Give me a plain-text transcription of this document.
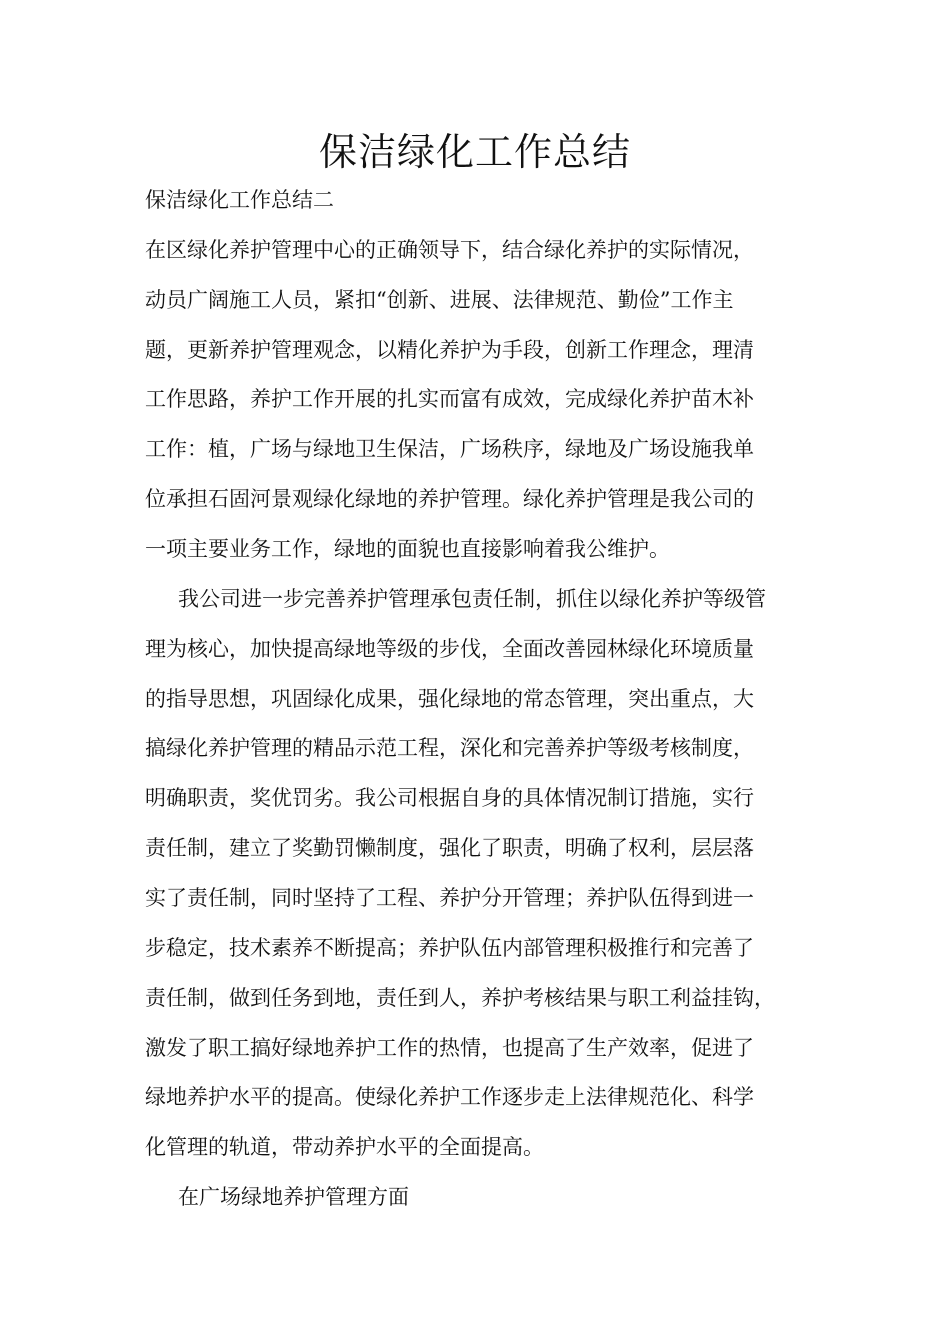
保洁绿化工作总结

保洁绿化工作总结二

在区绿化养护管理中心的正确领导下，结合绿化养护的实际情况，

动员广阔施工人员，紧扣“创新、进展、法律规范、勤俭”工作主

题，更新养护管理观念，以精化养护为手段，创新工作理念，理清

工作思路，养护工作开展的扎实而富有成效，完成绿化养护苗木补

工作：植，广场与绿地卫生保洁，广场秩序，绿地及广场设施我单

位承担石固河景观绿化绿地的养护管理。绿化养护管理是我公司的

一项主要业务工作，绿地的面貌也直接影响着我公维护。

我公司进一步完善养护管理承包责任制，抓住以绿化养护等级管

理为核心，加快提高绿地等级的步伐，全面改善园林绿化环境质量

的指导思想，巩固绿化成果，强化绿地的常态管理，突出重点，大

搞绿化养护管理的精品示范工程，深化和完善养护等级考核制度，

明确职责，奖优罚劣。我公司根据自身的具体情况制订措施，实行

责任制，建立了奖勤罚懒制度，强化了职责，明确了权利，层层落

实了责任制，同时坚持了工程、养护分开管理；养护队伍得到进一

步稳定，技术素养不断提高；养护队伍内部管理积极推行和完善了

责任制，做到任务到地，责任到人，养护考核结果与职工利益挂钩，

激发了职工搞好绿地养护工作的热情，也提高了生产效率，促进了

绿地养护水平的提高。使绿化养护工作逐步走上法律规范化、科学

化管理的轨道，带动养护水平的全面提高。

在广场绿地养护管理方面
